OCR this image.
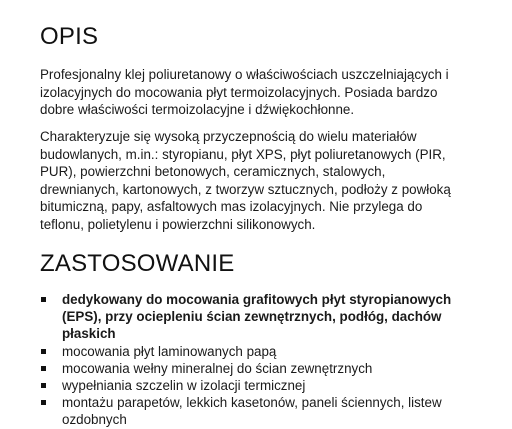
OPIS

Profesjonalny klej poliuretanowy o właściwościach uszczelniających i
izolacyjnych do mocowania płyt termoizolacyjnych. Posiada bardzo
dobre właściwości termoizolacyjne i dźwiękochłonne.

Charakteryzuje się wysoką przyczepnością do wielu materiałów
budowlanych, m.in.: styropianu, płyt XPS, płyt poliuretanowych (PIR,
PUR), powierzchni betonowych, ceramicznych, stalowych,
drewnianych, kartonowych, z tworzyw sztucznych, podłoży z powłoką
bitumiczną, papy, asfaltowych mas izolacyjnych. Nie przylega do
teflonu, polietylenu i powierzchni silikonowych.

ZASTOSOWANIE
dedykowany do mocowania grafitowych płyt styropianowych
(EPS), przy ociepleniu ścian zewnętrznych, podłóg, dachów
płaskich
mocowania płyt laminowanych papą
mocowania wełny mineralnej do ścian zewnętrznych
wypełniania szczelin w izolacji termicznej
montażu parapetów, lekkich kasetonów, paneli ściennych, listew
ozdobnych
